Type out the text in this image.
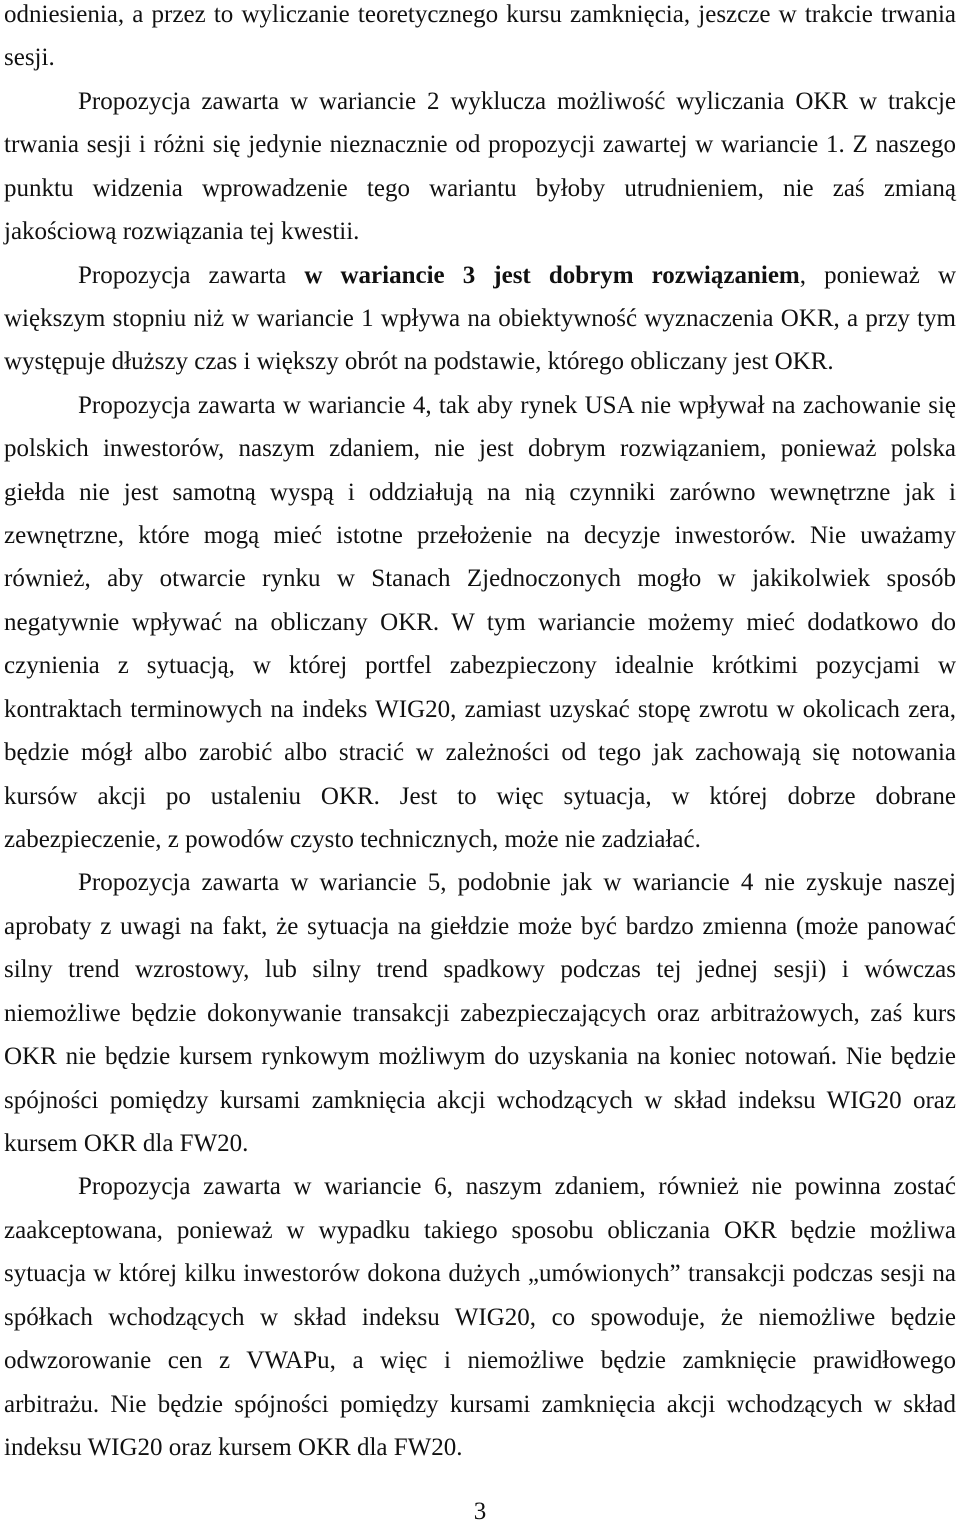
odniesienia, a przez to wyliczanie teoretycznego kursu zamknięcia, jeszcze w trakcie trwania
sesji.
Propozycja zawarta w wariancie 2 wyklucza możliwość wyliczania OKR w trakcje
trwania sesji i różni się jedynie nieznacznie od propozycji zawartej w wariancie 1. Z naszego
punktu widzenia wprowadzenie tego wariantu byłoby utrudnieniem, nie zaś zmianą
jakościową rozwiązania tej kwestii.
Propozycja zawarta w wariancie 3 jest dobrym rozwiązaniem, ponieważ w
większym stopniu niż w wariancie 1 wpływa na obiektywność wyznaczenia OKR, a przy tym
występuje dłuższy czas i większy obrót na podstawie, którego obliczany jest OKR.
Propozycja zawarta w wariancie 4, tak aby rynek USA nie wpływał na zachowanie się
polskich inwestorów, naszym zdaniem, nie jest dobrym rozwiązaniem, ponieważ polska
giełda nie jest samotną wyspą i oddziałują na nią czynniki zarówno wewnętrzne jak i
zewnętrzne, które mogą mieć istotne przełożenie na decyzje inwestorów. Nie uważamy
również, aby otwarcie rynku w Stanach Zjednoczonych mogło w jakikolwiek sposób
negatywnie wpływać na obliczany OKR. W tym wariancie możemy mieć dodatkowo do
czynienia z sytuacją, w której portfel zabezpieczony idealnie krótkimi pozycjami w
kontraktach terminowych na indeks WIG20, zamiast uzyskać stopę zwrotu w okolicach zera,
będzie mógł albo zarobić albo stracić w zależności od tego jak zachowają się notowania
kursów akcji po ustaleniu OKR. Jest to więc sytuacja, w której dobrze dobrane
zabezpieczenie, z powodów czysto technicznych, może nie zadziałać.
Propozycja zawarta w wariancie 5, podobnie jak w wariancie 4 nie zyskuje naszej
aprobaty z uwagi na fakt, że sytuacja na giełdzie może być bardzo zmienna (może panować
silny trend wzrostowy, lub silny trend spadkowy podczas tej jednej sesji) i wówczas
niemożliwe będzie dokonywanie transakcji zabezpieczających oraz arbitrażowych, zaś kurs
OKR nie będzie kursem rynkowym możliwym do uzyskania na koniec notowań. Nie będzie
spójności pomiędzy kursami zamknięcia akcji wchodzących w skład indeksu WIG20 oraz
kursem OKR dla FW20.
Propozycja zawarta w wariancie 6, naszym zdaniem, również nie powinna zostać
zaakceptowana, ponieważ w wypadku takiego sposobu obliczania OKR będzie możliwa
sytuacja w której kilku inwestorów dokona dużych „umówionych” transakcji podczas sesji na
spółkach wchodzących w skład indeksu WIG20, co spowoduje, że niemożliwe będzie
odwzorowanie cen z VWAPu, a więc i niemożliwe będzie zamknięcie prawidłowego
arbitrażu. Nie będzie spójności pomiędzy kursami zamknięcia akcji wchodzących w skład
indeksu WIG20 oraz kursem OKR dla FW20.
3
